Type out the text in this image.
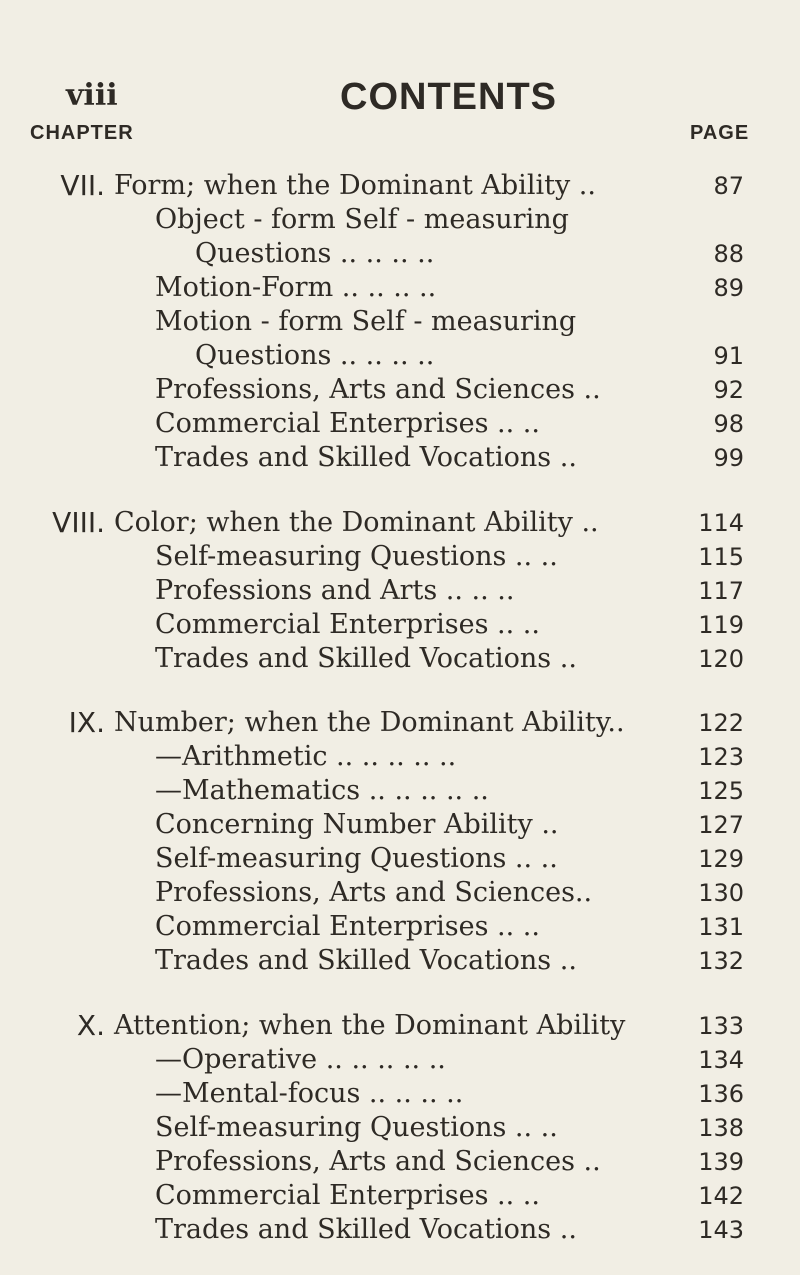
viii	CONTENTS
CHAPTER	PAGE
VII. Form; when the Dominant Ability ..	87
Object - form Self - measuring
Questions .. .. .. ..	88
Motion-Form .. .. .. ..	89
Motion - form Self - measuring
Questions .. .. .. ..	91
Professions, Arts and Sciences ..	92
Commercial Enterprises .. ..	98
Trades and Skilled Vocations ..	99
VIII. Color; when the Dominant Ability ..	114
Self-measuring Questions .. ..	115
Professions and Arts .. .. ..	117
Commercial Enterprises .. ..	119
Trades and Skilled Vocations ..	120
IX. Number; when the Dominant Ability..	122
—Arithmetic .. .. .. .. ..	123
—Mathematics .. .. .. .. ..	125
Concerning Number Ability ..	127
Self-measuring Questions .. ..	129
Professions, Arts and Sciences..	130
Commercial Enterprises .. ..	131
Trades and Skilled Vocations ..	132
X. Attention; when the Dominant Ability	133
—Operative .. .. .. .. ..	134
—Mental-focus .. .. .. ..	136
Self-measuring Questions .. ..	138
Professions, Arts and Sciences ..	139
Commercial Enterprises .. ..	142
Trades and Skilled Vocations ..	143
